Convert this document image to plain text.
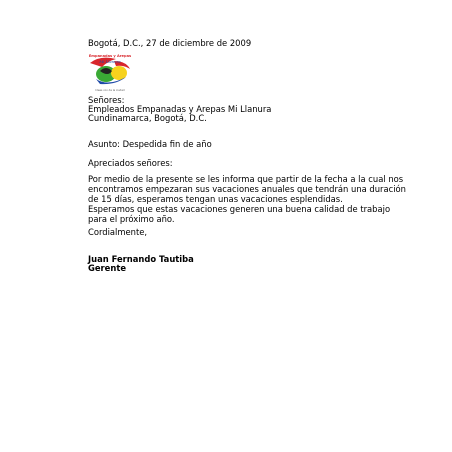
Bogotá, D.C., 27 de diciembre de 2009
Empanadas y Arepas
Mi Llanura
Ideas con de la ciudad
Señores:
Empleados Empanadas y Arepas Mi Llanura
Cundinamarca, Bogotá, D.C.
Asunto: Despedida fin de año
Apreciados señores:
Por medio de la presente se les informa que partir de la fecha a la cual nos
encontramos empezaran sus vacaciones anuales que tendrán una duración
de 15 días, esperamos tengan unas vacaciones esplendidas.
Esperamos que estas vacaciones generen una buena calidad de trabajo
para el próximo año.
Cordialmente,
Juan Fernando Tautiba
Gerente
